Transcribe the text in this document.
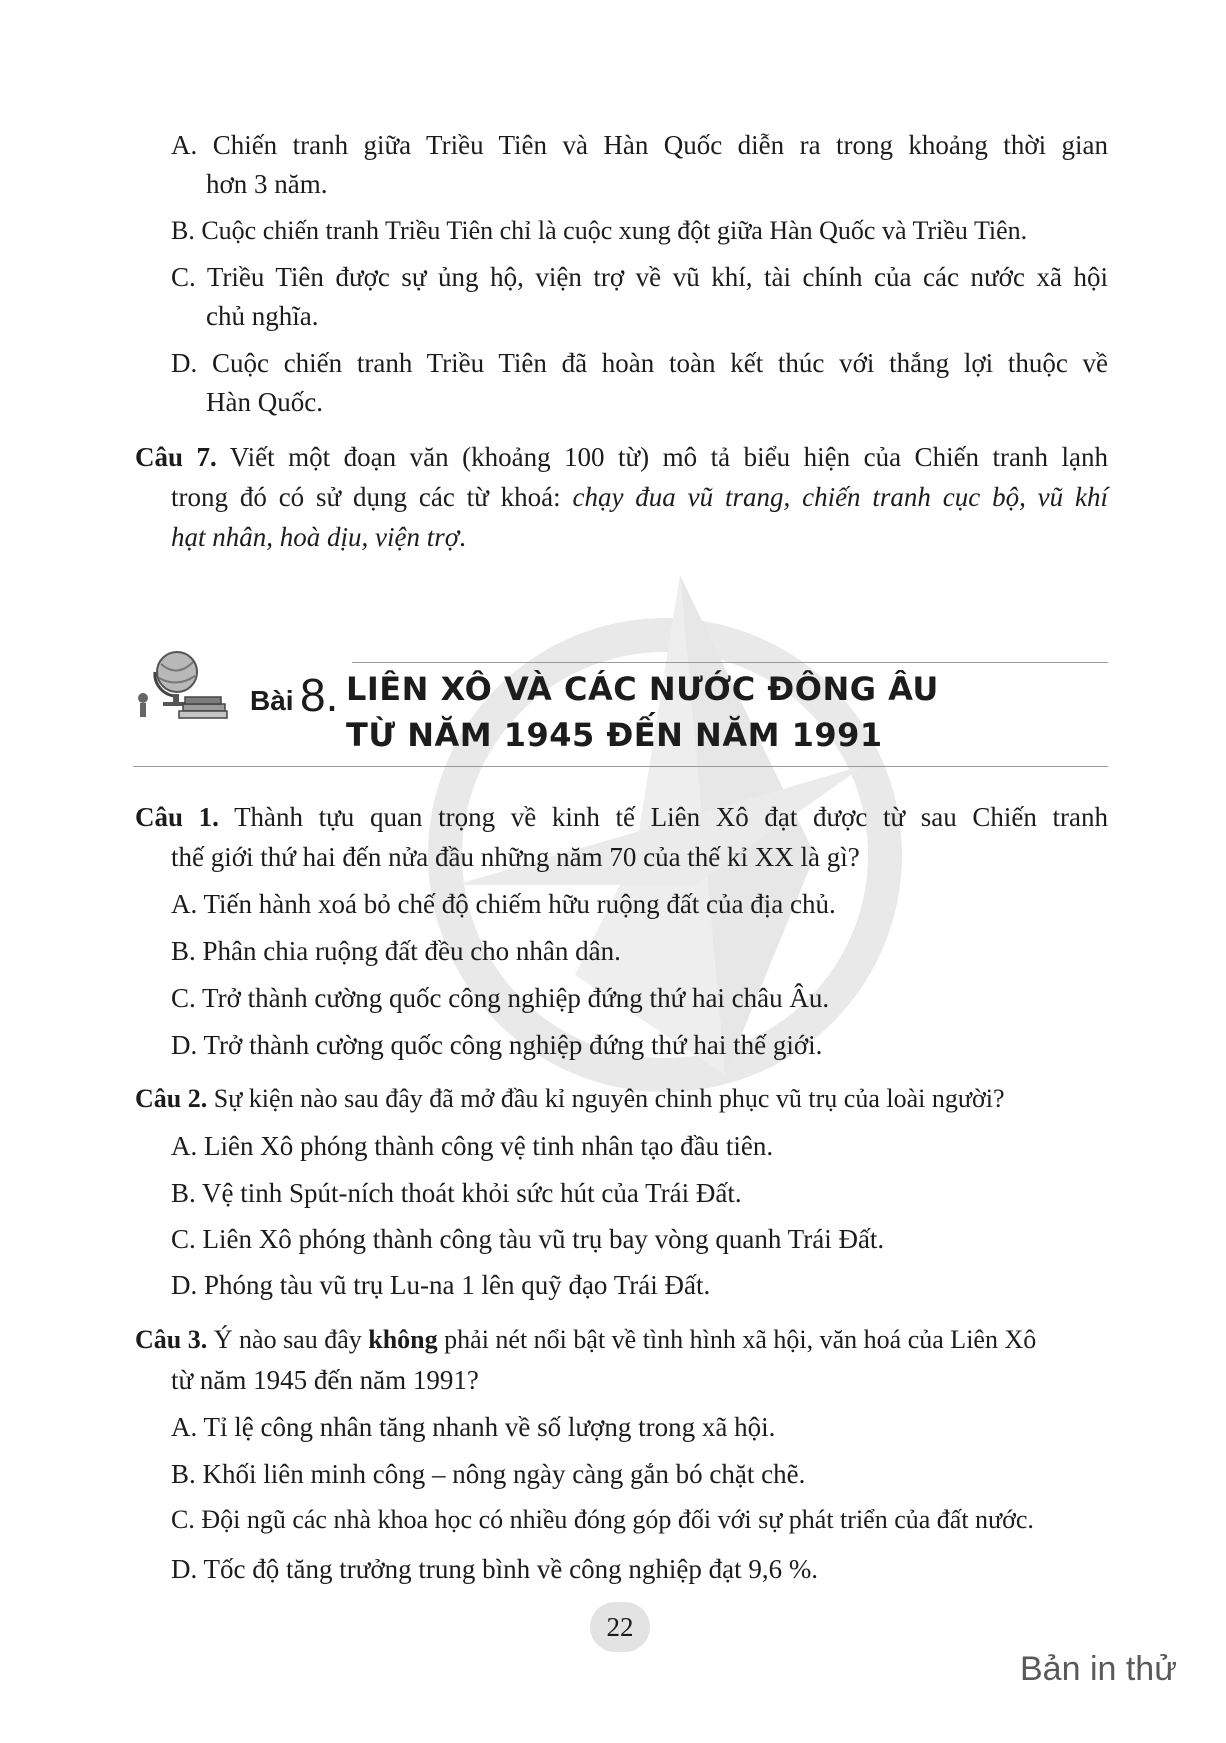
A. Chiến tranh giữa Triều Tiên và Hàn Quốc diễn ra trong khoảng thời gian
hơn 3 năm.
B. Cuộc chiến tranh Triều Tiên chỉ là cuộc xung đột giữa Hàn Quốc và Triều Tiên.
C. Triều Tiên được sự ủng hộ, viện trợ về vũ khí, tài chính của các nước xã hội
chủ nghĩa.
D. Cuộc chiến tranh Triều Tiên đã hoàn toàn kết thúc với thắng lợi thuộc về
Hàn Quốc.
Câu 7. Viết một đoạn văn (khoảng 100 từ) mô tả biểu hiện của Chiến tranh lạnh
trong đó có sử dụng các từ khoá: chạy đua vũ trang, chiến tranh cục bộ, vũ khí
hạt nhân, hoà dịu, viện trợ.
Bài 8. LIÊN XÔ VÀ CÁC NƯỚC ĐÔNG ÂU
TỪ NĂM 1945 ĐẾN NĂM 1991
Câu 1. Thành tựu quan trọng về kinh tế Liên Xô đạt được từ sau Chiến tranh
thế giới thứ hai đến nửa đầu những năm 70 của thế kỉ XX là gì?
A. Tiến hành xoá bỏ chế độ chiếm hữu ruộng đất của địa chủ.
B. Phân chia ruộng đất đều cho nhân dân.
C. Trở thành cường quốc công nghiệp đứng thứ hai châu Âu.
D. Trở thành cường quốc công nghiệp đứng thứ hai thế giới.
Câu 2. Sự kiện nào sau đây đã mở đầu kỉ nguyên chinh phục vũ trụ của loài người?
A. Liên Xô phóng thành công vệ tinh nhân tạo đầu tiên.
B. Vệ tinh Spút-ních thoát khỏi sức hút của Trái Đất.
C. Liên Xô phóng thành công tàu vũ trụ bay vòng quanh Trái Đất.
D. Phóng tàu vũ trụ Lu-na 1 lên quỹ đạo Trái Đất.
Câu 3. Ý nào sau đây không phải nét nổi bật về tình hình xã hội, văn hoá của Liên Xô
từ năm 1945 đến năm 1991?
A. Tỉ lệ công nhân tăng nhanh về số lượng trong xã hội.
B. Khối liên minh công – nông ngày càng gắn bó chặt chẽ.
C. Đội ngũ các nhà khoa học có nhiều đóng góp đối với sự phát triển của đất nước.
D. Tốc độ tăng trưởng trung bình về công nghiệp đạt 9,6 %.
22
Bản in thử
